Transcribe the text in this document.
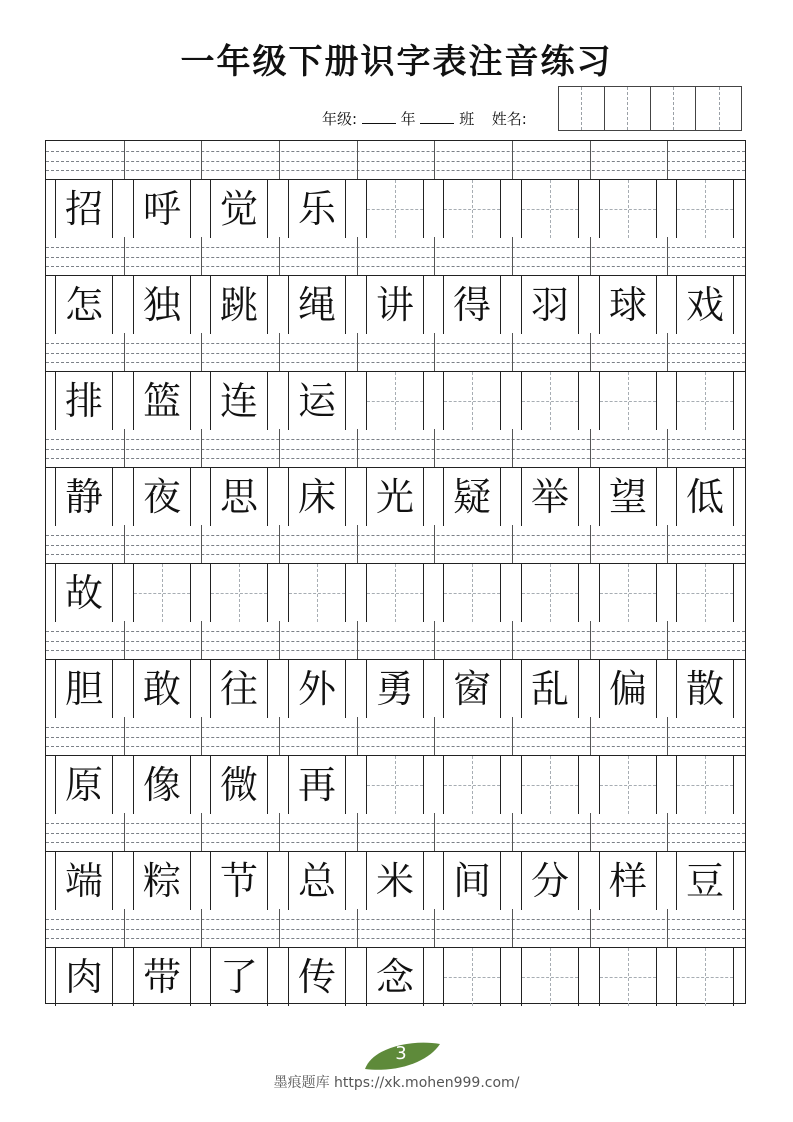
一年级下册识字表注音练习
年级:	年	班 姓名:
招 呼 觉 乐
怎 独 跳 绳 讲 得 羽 球 戏
排 篮 连 运
静 夜 思 床 光 疑 举 望 低
故
胆 敢 往 外 勇 窗 乱 偏 散
原 像 微 再
端 粽 节 总 米 间 分 样 豆
肉 带 了 传 念
3
墨痕题库 https://xk.mohen999.com/
